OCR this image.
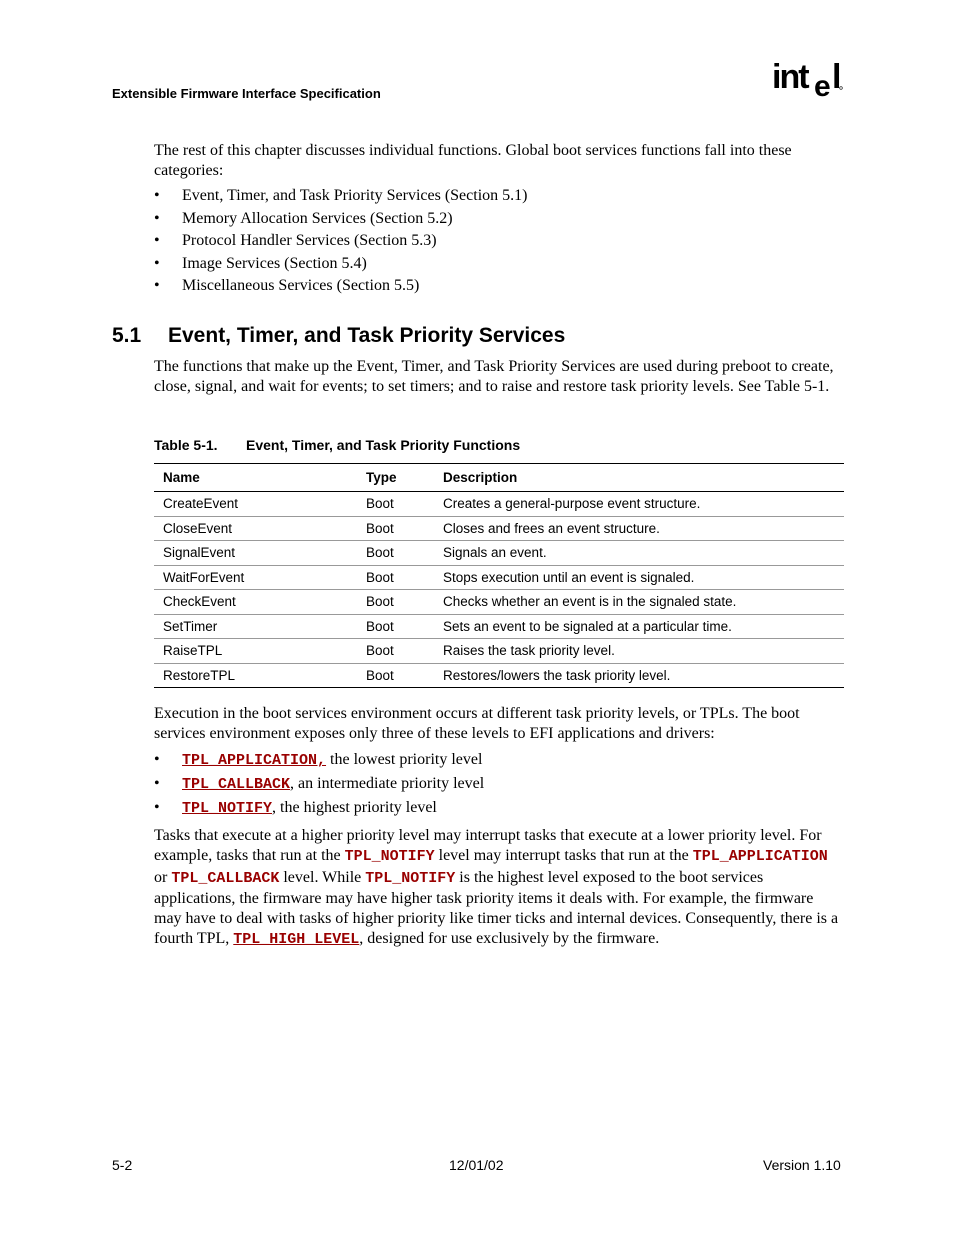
Extensible Firmware Interface Specification	int e l
The rest of this chapter discusses individual functions. Global boot services functions fall into these categories:
• Event, Timer, and Task Priority Services (Section 5.1)
• Memory Allocation Services (Section 5.2)
• Protocol Handler Services (Section 5.3)
• Image Services (Section 5.4)
• Miscellaneous Services (Section 5.5)
5.1 Event, Timer, and Task Priority Services
The functions that make up the Event, Timer, and Task Priority Services are used during preboot to create, close, signal, and wait for events; to set timers; and to raise and restore task priority levels. See Table 5-1.
Table 5-1. Event, Timer, and Task Priority Functions
Name	Type	Description
CreateEvent	Boot	Creates a general-purpose event structure.
CloseEvent	Boot	Closes and frees an event structure.
SignalEvent	Boot	Signals an event.
WaitForEvent	Boot	Stops execution until an event is signaled.
CheckEvent	Boot	Checks whether an event is in the signaled state.
SetTimer	Boot	Sets an event to be signaled at a particular time.
RaiseTPL	Boot	Raises the task priority level.
RestoreTPL	Boot	Restores/lowers the task priority level.
Execution in the boot services environment occurs at different task priority levels, or TPLs. The boot services environment exposes only three of these levels to EFI applications and drivers:
• TPL_APPLICATION, the lowest priority level
• TPL_CALLBACK, an intermediate priority level
• TPL_NOTIFY, the highest priority level
Tasks that execute at a higher priority level may interrupt tasks that execute at a lower priority level. For example, tasks that run at the TPL_NOTIFY level may interrupt tasks that run at the TPL_APPLICATION or TPL_CALLBACK level. While TPL_NOTIFY is the highest level exposed to the boot services applications, the firmware may have higher task priority items it deals with. For example, the firmware may have to deal with tasks of higher priority like timer ticks and internal devices. Consequently, there is a fourth TPL, TPL_HIGH_LEVEL, designed for use exclusively by the firmware.
5-2	12/01/02	Version 1.10
